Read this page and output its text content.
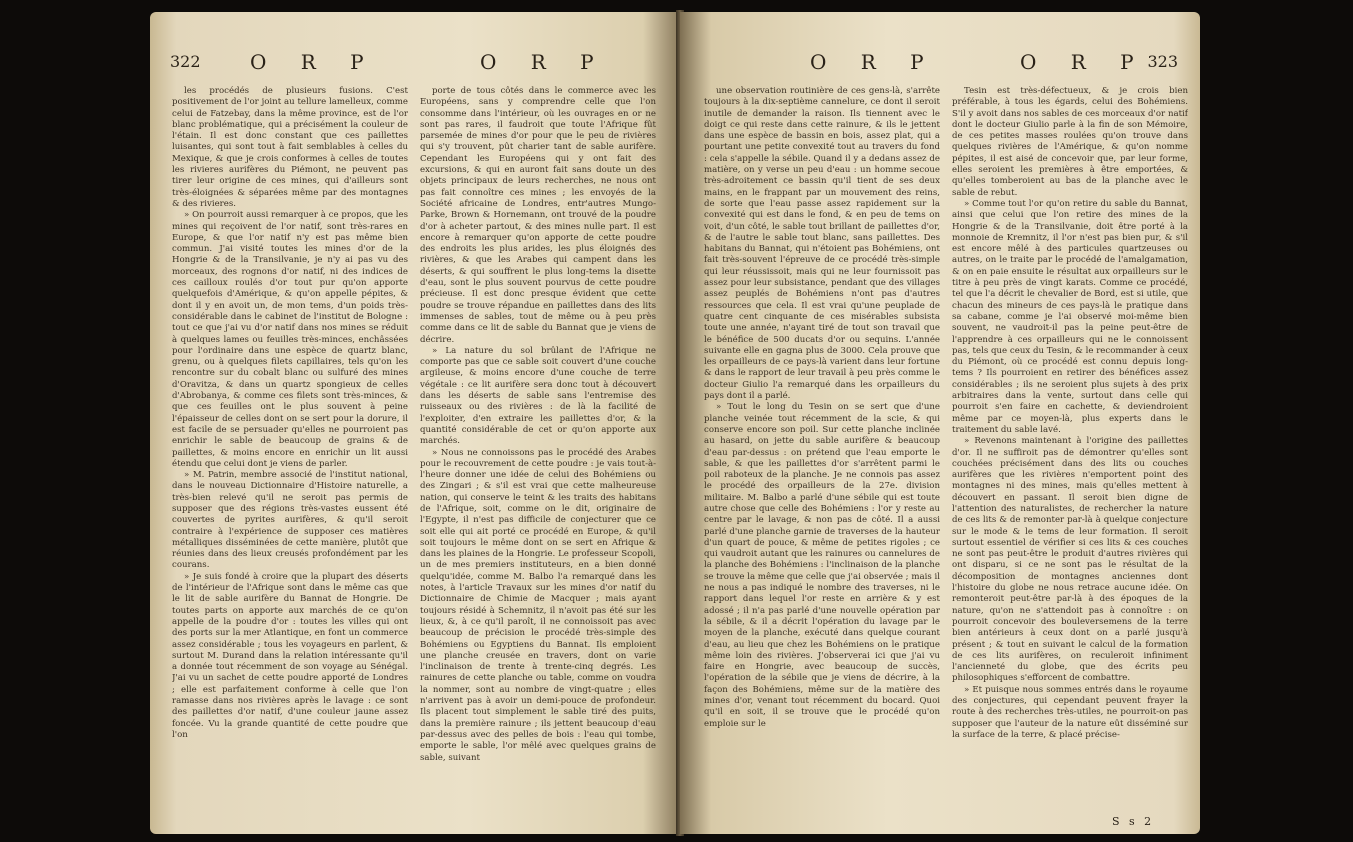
322 O R P	O R P

les procédés de plusieurs fusions. C'est positivement de l'or joint au tellure lamelleux, comme celui de Fatzebay, dans la même province, est de l'or blanc problématique, qui a précisément la couleur de l'étain. Il est donc constant que ces paillettes luisantes, qui sont tout à fait semblables à celles du Mexique, & que je crois conformes à celles de toutes les rivieres aurifères du Piémont, ne peuvent pas tirer leur origine de ces mines, qui d'ailleurs sont très-éloignées & séparées même par des montagnes & des rivieres.

» On pourroit aussi remarquer à ce propos, que les mines qui reçoivent de l'or natif, sont très-rares en Europe, & que l'or natif n'y est pas même bien commun. J'ai visité toutes les mines d'or de la Hongrie & de la Transilvanie, je n'y ai pas vu des morceaux, des rognons d'or natif, ni des indices de ces cailloux roulés d'or tout pur qu'on apporte quelquefois d'Amérique, & qu'on appelle pépites, & dont il y en avoit un, de mon tems, d'un poids très-considérable dans le cabinet de l'institut de Bologne : tout ce que j'ai vu d'or natif dans nos mines se réduit à quelques lames ou feuilles très-minces, enchâssées pour l'ordinaire dans une espèce de quartz blanc, grenu, ou à quelques filets capillaires, tels qu'on les rencontre sur du cobalt blanc ou sulfuré des mines d'Oravitza, & dans un quartz spongieux de celles d'Abrobanya, & comme ces filets sont très-minces, & que ces feuilles ont le plus souvent à peine l'épaisseur de celles dont on se sert pour la dorure, il est facile de se persuader qu'elles ne pourroient pas enrichir le sable de beaucoup de grains & de paillettes, & moins encore en enrichir un lit aussi étendu que celui dont je viens de parler.

» M. Patrin, membre associé de l'institut national, dans le nouveau Dictionnaire d'Histoire naturelle, a très-bien relevé qu'il ne seroit pas permis de supposer que des régions très-vastes eussent été couvertes de pyrites aurifères, & qu'il seroit contraire à l'expérience de supposer ces matières métalliques disséminées de cette manière, plutôt que réunies dans des lieux creusés profondément par les courans.

» Je suis fondé à croire que la plupart des déserts de l'intérieur de l'Afrique sont dans le même cas que le lit de sable aurifère du Bannat de Hongrie. De toutes parts on apporte aux marchés de ce qu'on appelle de la poudre d'or : toutes les villes qui ont des ports sur la mer Atlantique, en font un commerce assez considérable ; tous les voyageurs en parlent, & surtout M. Durand dans la relation intéressante qu'il a donnée tout récemment de son voyage au Sénégal. J'ai vu un sachet de cette poudre apporté de Londres ; elle est parfaitement conforme à celle que l'on ramasse dans nos rivières après le lavage : ce sont des paillettes d'or natif, d'une couleur jaune assez foncée. Vu la grande quantité de cette poudre que l'on

porte de tous côtés dans le commerce avec les Européens, sans y comprendre celle que l'on consomme dans l'intérieur, où les ouvrages en or ne sont pas rares, il faudroit que toute l'Afrique fût parsemée de mines d'or pour que le peu de rivières qui s'y trouvent, pût charier tant de sable aurifère. Cependant les Européens qui y ont fait des excursions, & qui en auront fait sans doute un des objets principaux de leurs recherches, ne nous ont pas fait connoître ces mines ; les envoyés de la Société africaine de Londres, entr'autres Mungo-Parke, Brown & Hornemann, ont trouvé de la poudre d'or à acheter partout, & des mines nulle part. Il est encore à remarquer qu'on apporte de cette poudre des endroits les plus arides, les plus éloignés des rivières, & que les Arabes qui campent dans les déserts, & qui souffrent le plus long-tems la disette d'eau, sont le plus souvent pourvus de cette poudre précieuse. Il est donc presque évident que cette poudre se trouve répandue en paillettes dans des lits immenses de sables, tout de même ou à peu près comme dans ce lit de sable du Bannat que je viens de décrire.

» La nature du sol brûlant de l'Afrique ne comporte pas que ce sable soit couvert d'une couche argileuse, & moins encore d'une couche de terre végétale : ce lit aurifère sera donc tout à découvert dans les déserts de sable sans l'entremise des ruisseaux ou des rivières : de là la facilité de l'exploiter, d'en extraire les paillettes d'or, & la quantité considérable de cet or qu'on apporte aux marchés.

» Nous ne connoissons pas le procédé des Arabes pour le recouvrement de cette poudre : je vais tout-à-l'heure donner une idée de celui des Bohémiens ou des Zingari ; & s'il est vrai que cette malheureuse nation, qui conserve le teint & les traits des habitans de l'Afrique, soit, comme on le dit, originaire de l'Egypte, il n'est pas difficile de conjecturer que ce soit elle qui ait porté ce procédé en Europe, & qu'il soit toujours le même dont on se sert en Afrique & dans les plaines de la Hongrie. Le professeur Scopoli, un de mes premiers instituteurs, en a bien donné quelqu'idée, comme M. Balbo l'a remarqué dans les notes, à l'article Travaux sur les mines d'or natif du Dictionnaire de Chimie de Macquer ; mais ayant toujours résidé à Schemnitz, il n'avoit pas été sur les lieux, &, à ce qu'il paroît, il ne connoissoit pas avec beaucoup de précision le procédé très-simple des Bohémiens ou Egyptiens du Bannat. Ils emploient une planche creusée en travers, dont on varie l'inclinaison de trente à trente-cinq degrés. Les rainures de cette planche ou table, comme on voudra la nommer, sont au nombre de vingt-quatre ; elles n'arrivent pas à avoir un demi-pouce de profondeur. Ils placent tout simplement le sable tiré des puits, dans la première rainure ; ils jettent beaucoup d'eau par-dessus avec des pelles de bois : l'eau qui tombe, emporte le sable, l'or mêlé avec quelques grains de sable, suivant

O R P	O R P 323

une observation routinière de ces gens-là, s'arrête toujours à la dix-septième cannelure, ce dont il seroit inutile de demander la raison. Ils tiennent avec le doigt ce qui reste dans cette rainure, & ils le jettent dans une espèce de bassin en bois, assez plat, qui a pourtant une petite convexité tout au travers du fond : cela s'appelle la sébile. Quand il y a dedans assez de matière, on y verse un peu d'eau : un homme secoue très-adroitement ce bassin qu'il tient de ses deux mains, en le frappant par un mouvement des reins, de sorte que l'eau passe assez rapidement sur la convexité qui est dans le fond, & en peu de tems on voit, d'un côté, le sable tout brillant de paillettes d'or, & de l'autre le sable tout blanc, sans paillettes. Des habitans du Bannat, qui n'étoient pas Bohémiens, ont fait très-souvent l'épreuve de ce procédé très-simple qui leur réussissoit, mais qui ne leur fournissoit pas assez pour leur subsistance, pendant que des villages assez peuplés de Bohémiens n'ont pas d'autres ressources que cela. Il est vrai qu'une peuplade de quatre cent cinquante de ces misérables subsista toute une année, n'ayant tiré de tout son travail que le bénéfice de 500 ducats d'or ou sequins. L'année suivante elle en gagna plus de 3000. Cela prouve que les orpailleurs de ce pays-là varient dans leur fortune & dans le rapport de leur travail à peu près comme le docteur Giulio l'a remarqué dans les orpailleurs du pays dont il a parlé.

» Tout le long du Tesin on se sert que d'une planche veinée tout récemment de la scie, & qui conserve encore son poil. Sur cette planche inclinée au hasard, on jette du sable aurifère & beaucoup d'eau par-dessus : on prétend que l'eau emporte le sable, & que les paillettes d'or s'arrêtent parmi le poil raboteux de la planche. Je ne connois pas assez le procédé des orpailleurs de la 27e. division militaire. M. Balbo a parlé d'une sébile qui est toute autre chose que celle des Bohémiens : l'or y reste au centre par le lavage, & non pas de côté. Il a aussi parlé d'une planche garnie de traverses de la hauteur d'un quart de pouce, & même de petites rigoles ; ce qui vaudroit autant que les rainures ou cannelures de la planche des Bohémiens : l'inclinaison de la planche se trouve la même que celle que j'ai observée ; mais il ne nous a pas indiqué le nombre des traverses, ni le rapport dans lequel l'or reste en arrière & y est adossé ; il n'a pas parlé d'une nouvelle opération par la sébile, & il a décrit l'opération du lavage par le moyen de la planche, exécuté dans quelque courant d'eau, au lieu que chez les Bohémiens on le pratique même loin des rivières. J'observerai ici que j'ai vu faire en Hongrie, avec beaucoup de succès, l'opération de la sébile que je viens de décrire, à la façon des Bohémiens, même sur de la matière des mines d'or, venant tout récemment du bocard. Quoi qu'il en soit, il se trouve que le procédé qu'on emploie sur le

Tesin est très-défectueux, & je crois bien préférable, à tous les égards, celui des Bohémiens. S'il y avoit dans nos sables de ces morceaux d'or natif dont le docteur Giulio parle à la fin de son Mémoire, de ces petites masses roulées qu'on trouve dans quelques rivières de l'Amérique, & qu'on nomme pépites, il est aisé de concevoir que, par leur forme, elles seroient les premières à être emportées, & qu'elles tomberoient au bas de la planche avec le sable de rebut.

» Comme tout l'or qu'on retire du sable du Bannat, ainsi que celui que l'on retire des mines de la Hongrie & de la Transilvanie, doit être porté à la monnoie de Kremnitz, il l'or n'est pas bien pur, & s'il est encore mêlé à des particules quartzeuses ou autres, on le traite par le procédé de l'amalgamation, & on en paie ensuite le résultat aux orpailleurs sur le titre à peu près de vingt karats. Comme ce procédé, tel que l'a décrit le chevalier de Bord, est si utile, que chacun des mineurs de ces pays-là le pratique dans sa cabane, comme je l'ai observé moi-même bien souvent, ne vaudroit-il pas la peine peut-être de l'apprendre à ces orpailleurs qui ne le connoissent pas, tels que ceux du Tesin, & le recommander à ceux du Piémont, où ce procédé est connu depuis long-tems ? Ils pourroient en retirer des bénéfices assez considérables ; ils ne seroient plus sujets à des prix arbitraires dans la vente, surtout dans celle qui pourroit s'en faire en cachette, & deviendroient même par ce moyen-là, plus experts dans le traitement du sable lavé.

» Revenons maintenant à l'origine des paillettes d'or. Il ne suffiroit pas de démontrer qu'elles sont couchées précisément dans des lits ou couches aurifères que les rivières n'emportent point des montagnes ni des mines, mais qu'elles mettent à découvert en passant. Il seroit bien digne de l'attention des naturalistes, de rechercher la nature de ces lits & de remonter par-là à quelque conjecture sur le mode & le tems de leur formation. Il seroit surtout essentiel de vérifier si ces lits & ces couches ne sont pas peut-être le produit d'autres rivières qui ont disparu, si ce ne sont pas le résultat de la décomposition de montagnes anciennes dont l'histoire du globe ne nous retrace aucune idée. On remonteroit peut-être par-là à des époques de la nature, qu'on ne s'attendoit pas à connoître : on pourroit concevoir des bouleversemens de la terre bien antérieurs à ceux dont on a parlé jusqu'à présent ; & tout en suivant le calcul de la formation de ces lits aurifères, on reculeroit infiniment l'ancienneté du globe, que des écrits peu philosophiques s'efforcent de combattre.

» Et puisque nous sommes entrés dans le royaume des conjectures, qui cependant peuvent frayer la route à des recherches très-utiles, ne pourroit-on pas supposer que l'auteur de la nature eût disséminé sur la surface de la terre, & placé précise-

S s 2
